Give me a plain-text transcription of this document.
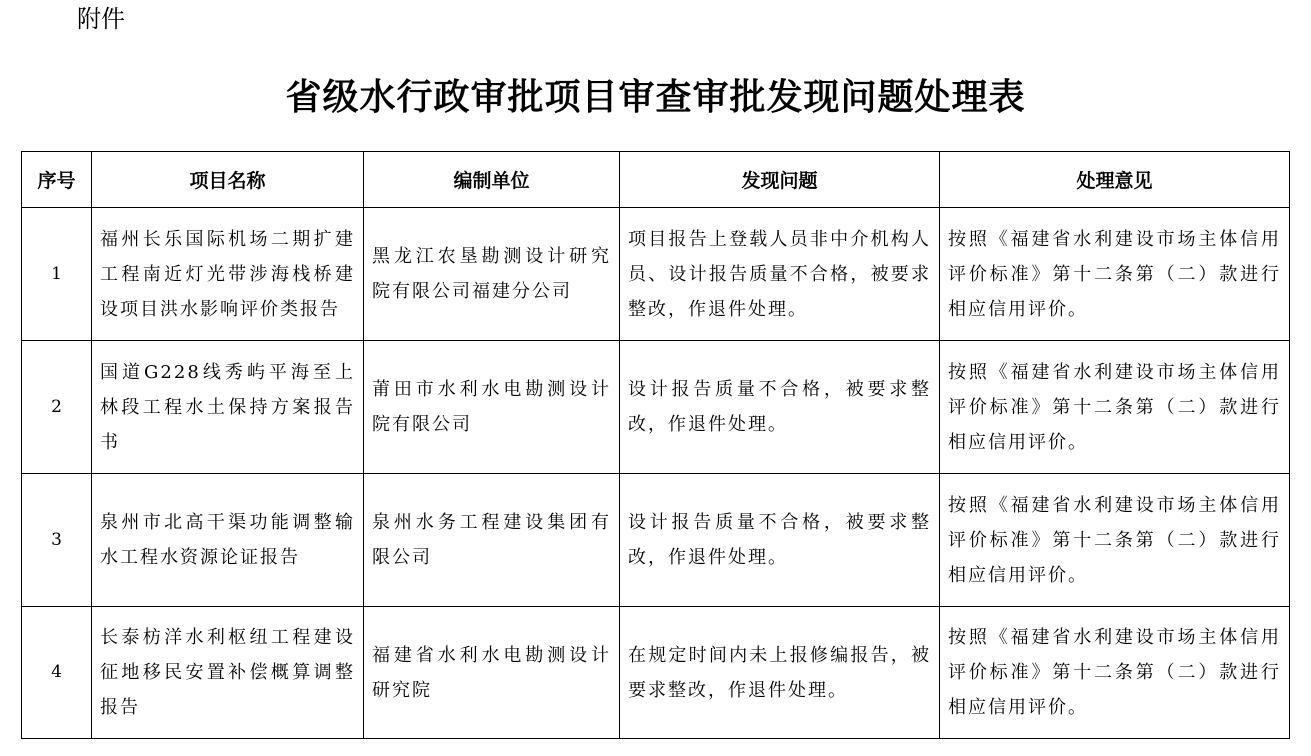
附件
省级水行政审批项目审查审批发现问题处理表
序号	项目名称	编制单位	发现问题	处理意见
1	福州长乐国际机场二期扩建工程南近灯光带涉海栈桥建设项目洪水影响评价类报告	黑龙江农垦勘测设计研究院有限公司福建分公司	项目报告上登载人员非中介机构人员、设计报告质量不合格，被要求整改，作退件处理。	按照《福建省水利建设市场主体信用评价标准》第十二条第（二）款进行相应信用评价。
2	国道G228线秀屿平海至上林段工程水土保持方案报告书	莆田市水利水电勘测设计院有限公司	设计报告质量不合格，被要求整改，作退件处理。	按照《福建省水利建设市场主体信用评价标准》第十二条第（二）款进行相应信用评价。
3	泉州市北高干渠功能调整输水工程水资源论证报告	泉州水务工程建设集团有限公司	设计报告质量不合格，被要求整改，作退件处理。	按照《福建省水利建设市场主体信用评价标准》第十二条第（二）款进行相应信用评价。
4	长泰枋洋水利枢纽工程建设征地移民安置补偿概算调整报告	福建省水利水电勘测设计研究院	在规定时间内未上报修编报告，被要求整改，作退件处理。	按照《福建省水利建设市场主体信用评价标准》第十二条第（二）款进行相应信用评价。
